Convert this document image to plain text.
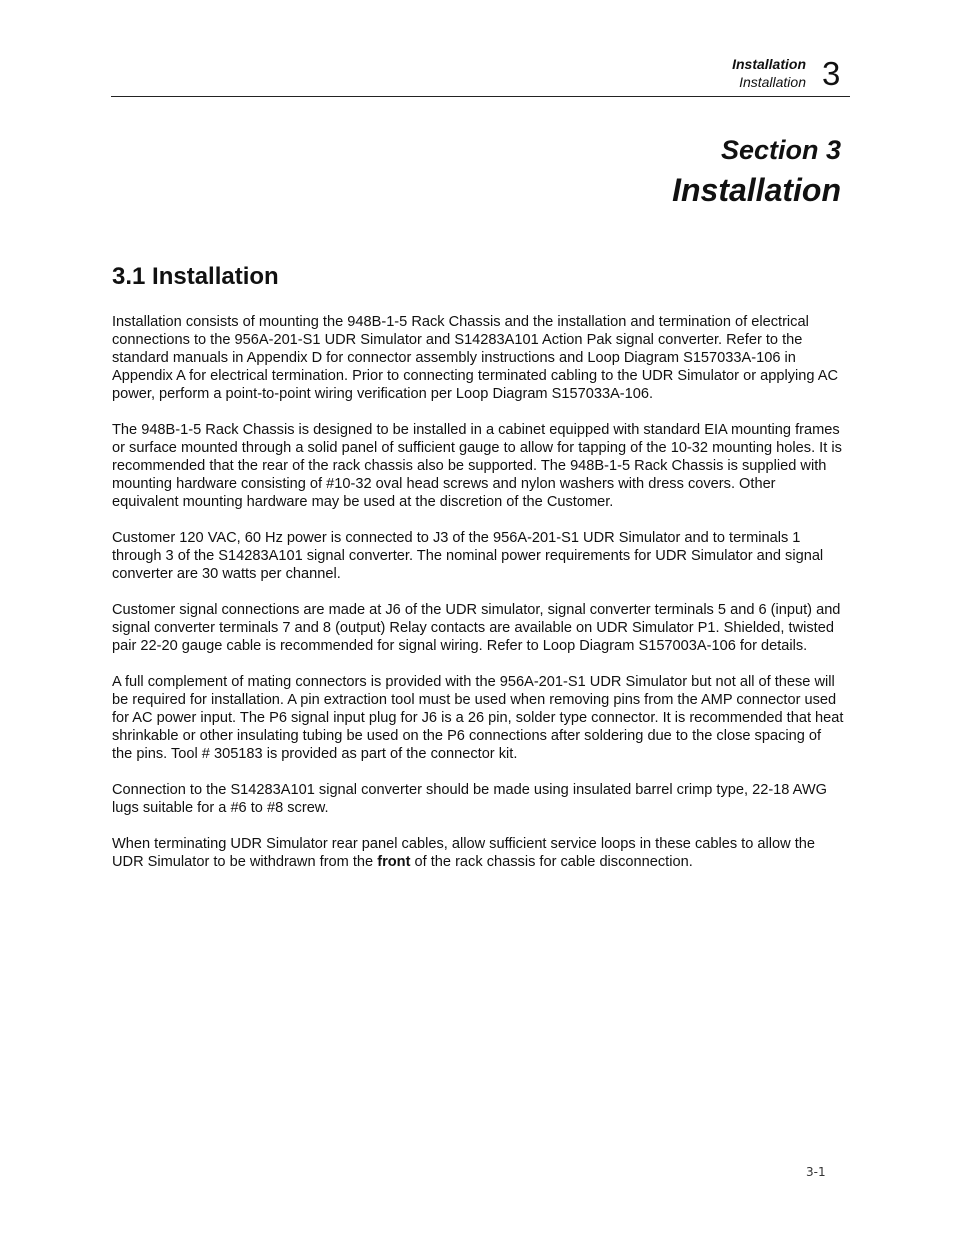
Installation
Installation 3
Section 3
Installation
3.1 Installation

Installation consists of mounting the 948B-1-5 Rack Chassis and the installation and termination of electrical connections to the 956A-201-S1 UDR Simulator and S14283A101 Action Pak signal converter. Refer to the standard manuals in Appendix D for connector assembly instructions and Loop Diagram S157033A-106 in Appendix A for electrical termination. Prior to connecting terminated cabling to the UDR Simulator or applying AC power, perform a point-to-point wiring verification per Loop Diagram S157033A-106.

The 948B-1-5 Rack Chassis is designed to be installed in a cabinet equipped with standard EIA mounting frames or surface mounted through a solid panel of sufficient gauge to allow for tapping of the 10-32 mounting holes. It is recommended that the rear of the rack chassis also be supported. The 948B-1-5 Rack Chassis is supplied with mounting hardware consisting of #10-32 oval head screws and nylon washers with dress covers. Other equivalent mounting hardware may be used at the discretion of the Customer.

Customer 120 VAC, 60 Hz power is connected to J3 of the 956A-201-S1 UDR Simulator and to terminals 1 through 3 of the S14283A101 signal converter. The nominal power requirements for UDR Simulator and signal converter are 30 watts per channel.

Customer signal connections are made at J6 of the UDR simulator, signal converter terminals 5 and 6 (input) and signal converter terminals 7 and 8 (output) Relay contacts are available on UDR Simulator P1. Shielded, twisted pair 22-20 gauge cable is recommended for signal wiring. Refer to Loop Diagram S157003A-106 for details.

A full complement of mating connectors is provided with the 956A-201-S1 UDR Simulator but not all of these will be required for installation. A pin extraction tool must be used when removing pins from the AMP connector used for AC power input. The P6 signal input plug for J6 is a 26 pin, solder type connector. It is recommended that heat shrinkable or other insulating tubing be used on the P6 connections after soldering due to the close spacing of the pins. Tool # 305183 is provided as part of the connector kit.

Connection to the S14283A101 signal converter should be made using insulated barrel crimp type, 22-18 AWG lugs suitable for a #6 to #8 screw.

When terminating UDR Simulator rear panel cables, allow sufficient service loops in these cables to allow the UDR Simulator to be withdrawn from the front of the rack chassis for cable disconnection.

3-1
